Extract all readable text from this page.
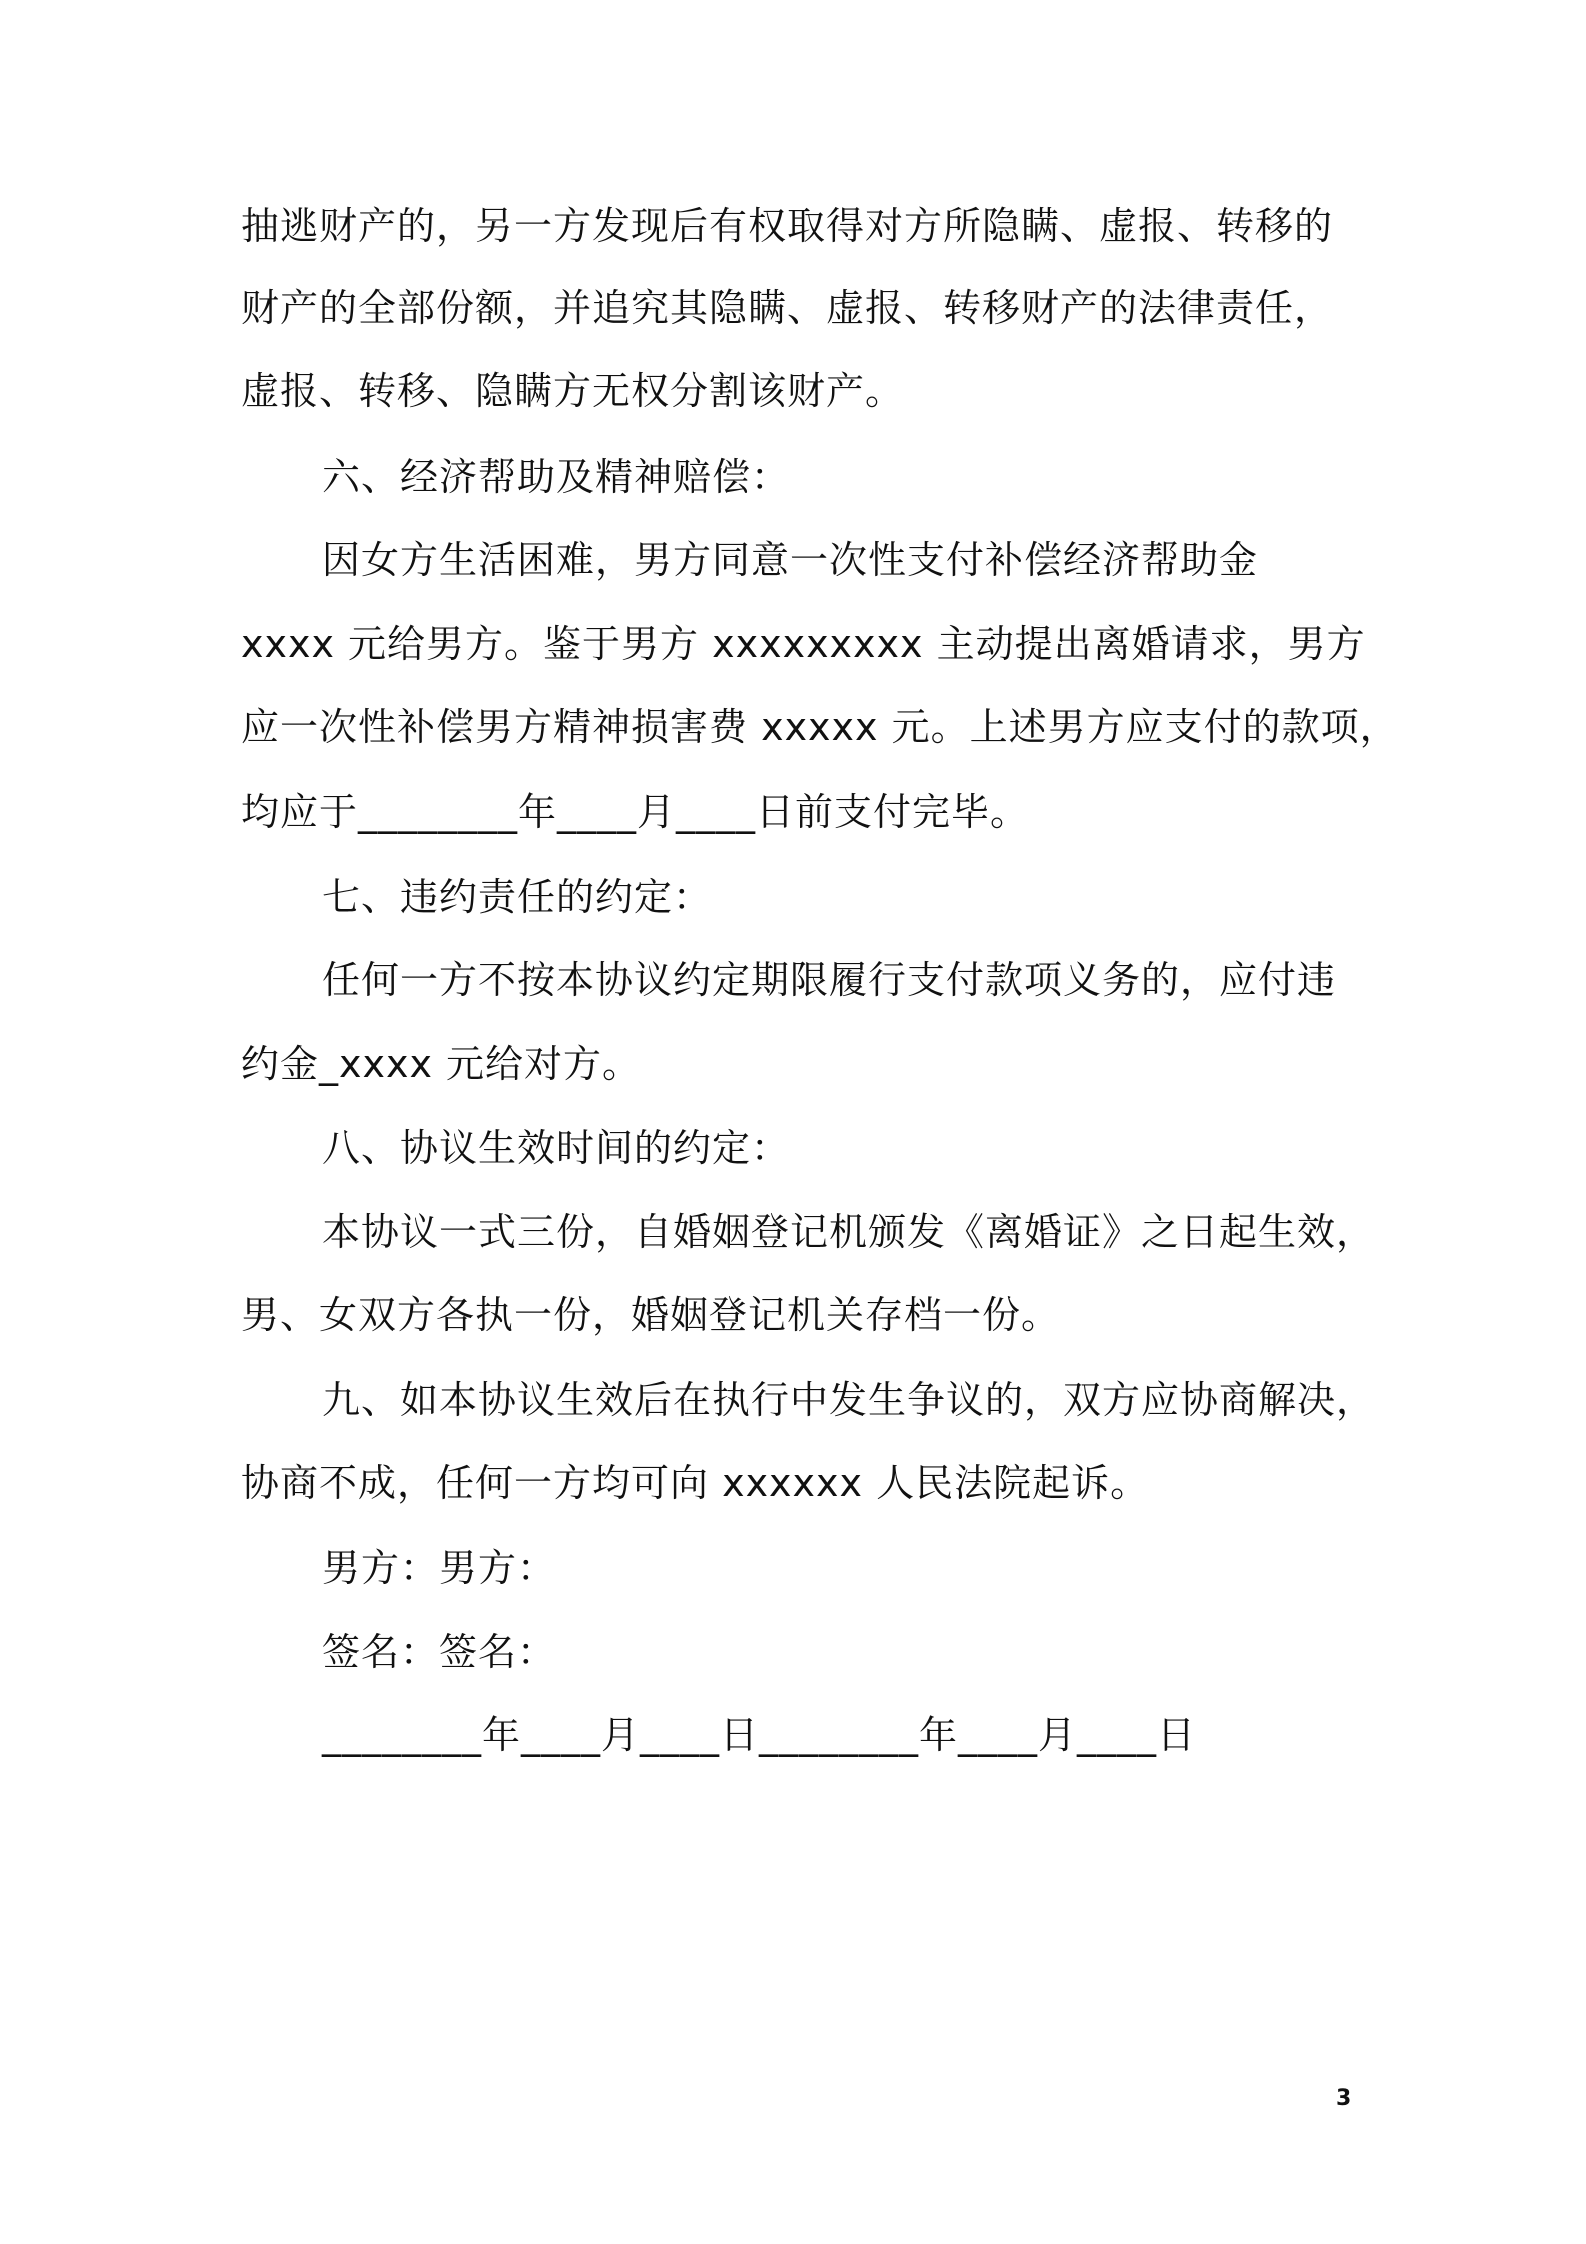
抽逃财产的，另一方发现后有权取得对方所隐瞒、虚报、转移的
财产的全部份额，并追究其隐瞒、虚报、转移财产的法律责任，
虚报、转移、隐瞒方无权分割该财产。
六、经济帮助及精神赔偿：
因女方生活困难，男方同意一次性支付补偿经济帮助金
xxxx 元给男方。鉴于男方 xxxxxxxxx 主动提出离婚请求，男方
应一次性补偿男方精神损害费 xxxxx 元。上述男方应支付的款项，
均应于________年____月____日前支付完毕。
七、违约责任的约定：
任何一方不按本协议约定期限履行支付款项义务的，应付违
约金_xxxx 元给对方。
八、协议生效时间的约定：
本协议一式三份，自婚姻登记机颁发《离婚证》之日起生效，
男、女双方各执一份，婚姻登记机关存档一份。
九、如本协议生效后在执行中发生争议的，双方应协商解决，
协商不成，任何一方均可向 xxxxxx 人民法院起诉。
男方：男方：
签名：签名：
________年____月____日________年____月____日
3
